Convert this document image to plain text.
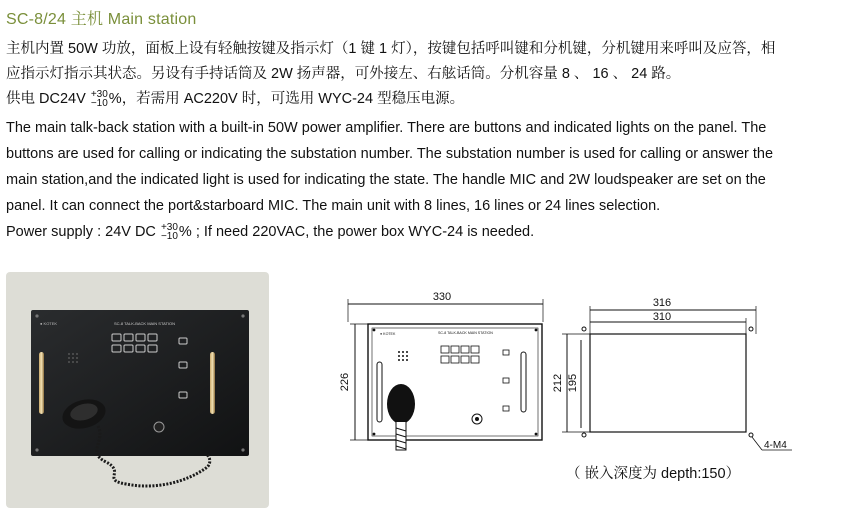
SC-8/24 主机 Main station
主机内置 50W 功放，面板上设有轻触按键及指示灯（1 键 1 灯），按键包括呼叫键和分机键，分机键用来呼叫及应答，相
应指示灯指示其状态。另设有手持话筒及 2W 扬声器，可外接左、右舷话筒。分机容量 8 、 16 、 24 路。
供电 DC24V +30
−10 %，若需用 AC220V 时，可选用 WYC-24 型稳压电源。
The main talk-back station with a built-in 50W power amplifier. There are buttons and indicated lights on the panel. The
buttons are used for calling or indicating the substation number. The substation number is used for calling or answer the
main station,and the indicated light is used for indicating the state. The handle MIC and 2W loudspeaker are set on the
panel. It can connect the port&starboard MIC. The main unit with 8 lines, 16 lines or 24 lines selection.
Power supply : 24V DC +30
−10 % ; If need 220VAC, the power box WYC-24 is needed.
● KOTEK	SC-8 TALK-BACK MAIN STATION
330
226
● KOTEK	SC-8 TALK-BACK MAIN STATION
316
310
212 195
4-M4
（ 嵌入深度为 depth:150）
